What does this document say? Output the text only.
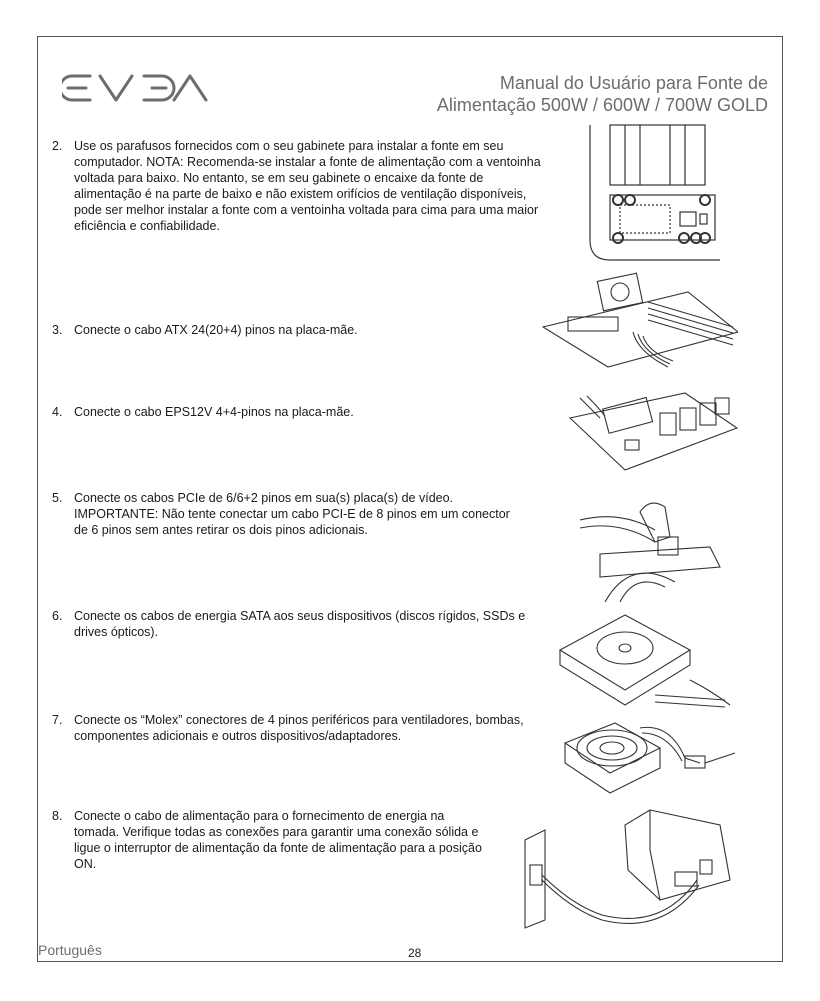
Manual do Usuário para Fonte de
Alimentação 500W / 600W / 700W GOLD
2. Use os parafusos fornecidos com o seu gabinete para instalar a fonte em seu computador. NOTA: Recomenda-se instalar a fonte de alimentação com a ventoinha voltada para baixo. No entanto, se em seu gabinete o encaixe da fonte de alimentação é na parte de baixo e não existem orifícios de ventilação disponíveis, pode ser melhor instalar a fonte com a ventoinha voltada para cima para uma maior eficiência e confiabilidade.
3. Conecte o cabo ATX 24(20+4) pinos na placa-mãe.
4. Conecte o cabo EPS12V 4+4-pinos na placa-mãe.
5. Conecte os cabos PCIe de 6/6+2 pinos em sua(s) placa(s) de vídeo. IMPORTANTE: Não tente conectar um cabo PCI-E de 8 pinos em um conector de 6 pinos sem antes retirar os dois pinos adicionais.
6. Conecte os cabos de energia SATA aos seus dispositivos (discos rígidos, SSDs e drives ópticos).
7. Conecte os “Molex” conectores de 4 pinos periféricos para ventiladores, bombas, componentes adicionais e outros dispositivos/adaptadores.
8. Conecte o cabo de alimentação para o fornecimento de energia na tomada. Verifique todas as conexões para garantir uma conexão sólida e ligue o interruptor de alimentação da fonte de alimentação para a posição ON.
Português	28
